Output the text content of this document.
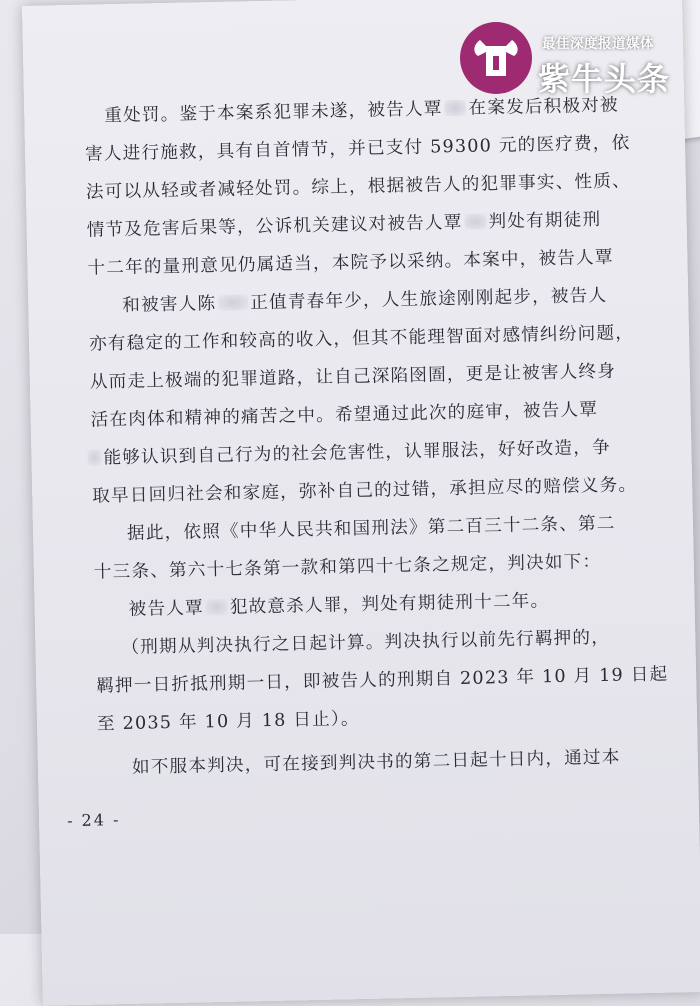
重处罚。鉴于本案系犯罪未遂，被告人覃 在案发后积极对被
害人进行施救，具有自首情节，并已支付 59300 元的医疗费，依
法可以从轻或者减轻处罚。综上，根据被告人的犯罪事实、性质、
情节及危害后果等，公诉机关建议对被告人覃 判处有期徒刑
十二年的量刑意见仍属适当，本院予以采纳。本案中，被告人覃
和被害人陈 正值青春年少，人生旅途刚刚起步，被告人
亦有稳定的工作和较高的收入，但其不能理智面对感情纠纷问题，
从而走上极端的犯罪道路，让自己深陷囹圄，更是让被害人终身
活在肉体和精神的痛苦之中。希望通过此次的庭审，被告人覃
能够认识到自己行为的社会危害性，认罪服法，好好改造，争
取早日回归社会和家庭，弥补自己的过错，承担应尽的赔偿义务。
据此，依照《中华人民共和国刑法》第二百三十二条、第二
十三条、第六十七条第一款和第四十七条之规定，判决如下：
被告人覃 犯故意杀人罪，判处有期徒刑十二年。
（刑期从判决执行之日起计算。判决执行以前先行羁押的，
羁押一日折抵刑期一日，即被告人的刑期自 2023 年 10 月 19 日起
至 2035 年 10 月 18 日止）。
如不服本判决，可在接到判决书的第二日起十日内，通过本
- 24 -
最佳深度报道媒体
紫牛头条
